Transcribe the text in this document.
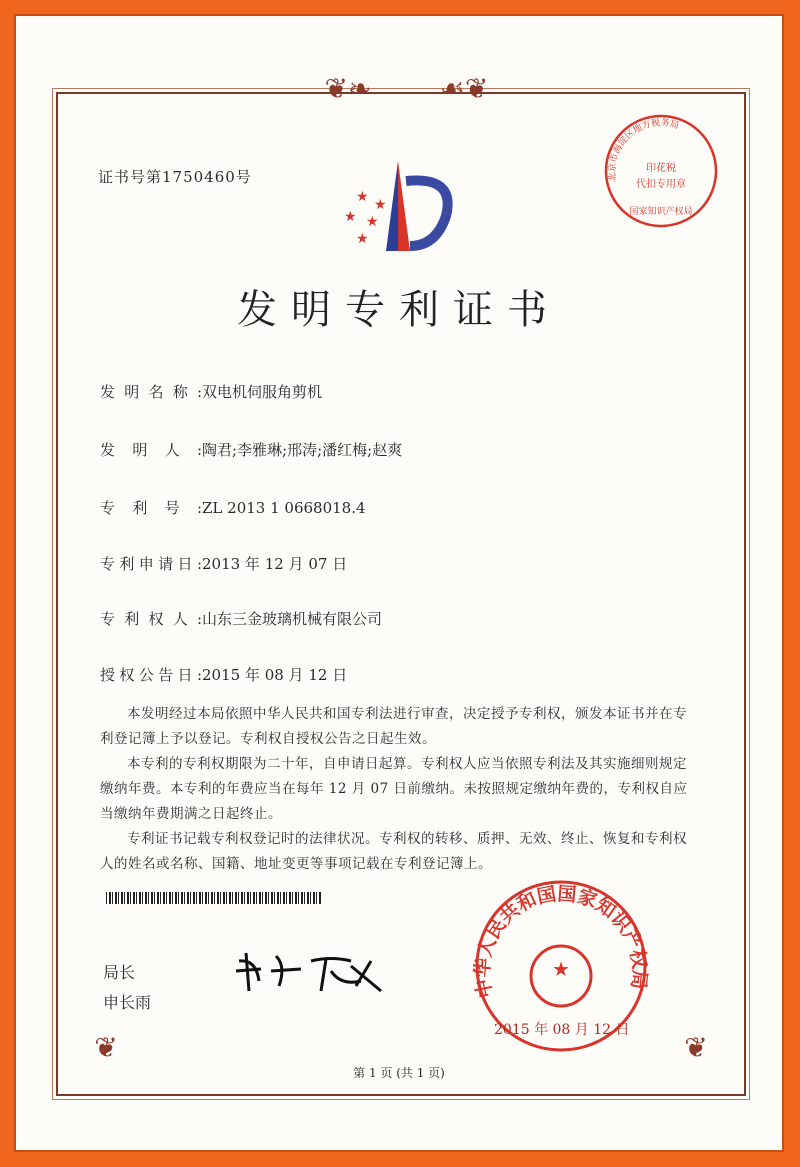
❦❧	☙❦
❦	❦
证书号第1750460号
★
★
★
★
★
北京市海淀区地方税务局
印花税
代扣专用章
国家知识产权局
发明专利证书
发明名称:双电机伺服角剪机
发明人:陶君;李雅琳;邢涛;潘红梅;赵爽
专利号:ZL 2013 1 0668018.4
专利申请日:2013 年 12 月 07 日
专利权人:山东三金玻璃机械有限公司
授权公告日:2015 年 08 月 12 日

本发明经过本局依照中华人民共和国专利法进行审查，决定授予专利权，颁发本证书并在专利登记簿上予以登记。专利权自授权公告之日起生效。

本专利的专利权期限为二十年，自申请日起算。专利权人应当依照专利法及其实施细则规定缴纳年费。本专利的年费应当在每年 12 月 07 日前缴纳。未按照规定缴纳年费的，专利权自应当缴纳年费期满之日起终止。

专利证书记载专利权登记时的法律状况。专利权的转移、质押、无效、终止、恢复和专利权人的姓名或名称、国籍、地址变更等事项记载在专利登记簿上。

局长
申长雨
中华人民共和国国家知识产权局
★
2015 年 08 月 12 日
第 1 页 (共 1 页)
